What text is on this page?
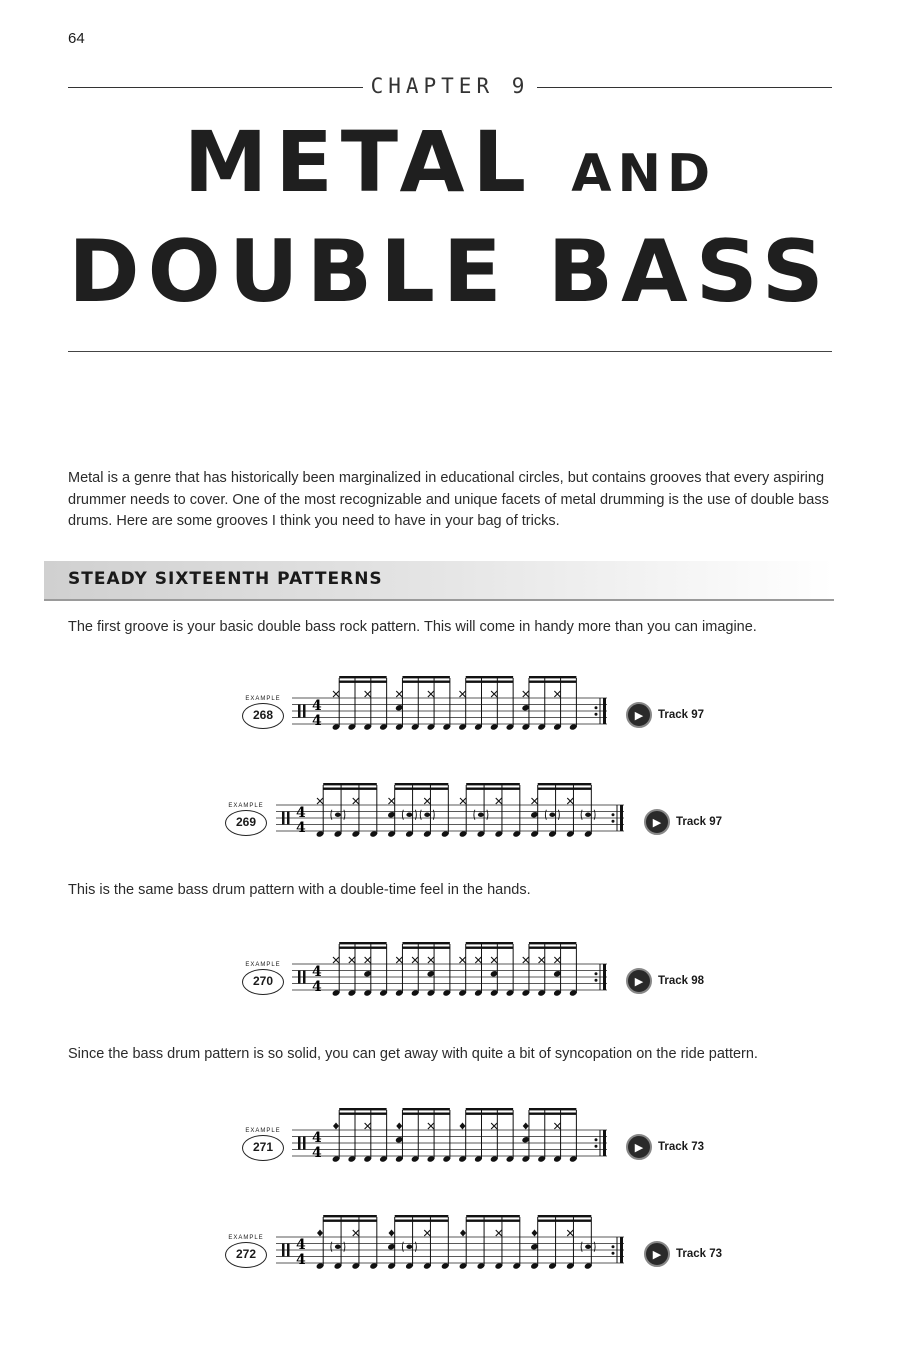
64
CHAPTER 9
METAL AND
DOUBLE BASS
Metal is a genre that has historically been marginalized in educational circles, but contains grooves that every aspiring drummer needs to cover. One of the most recognizable and unique facets of metal drumming is the use of double bass drums. Here are some grooves I think you need to have in your bag of tricks.
STEADY SIXTEENTH PATTERNS
The first groove is your basic double bass rock pattern. This will come in handy more than you can imagine.
This is the same bass drum pattern with a double-time feel in the hands.
Since the bass drum pattern is so solid, you can get away with quite a bit of syncopation on the ride pattern.
EXAMPLE
268
4
4	▶	Track 97
EXAMPLE
269
4
4	▶	Track 97
EXAMPLE
270
4
4	▶	Track 98
EXAMPLE
271
4
4	▶	Track 73
EXAMPLE
272
4
4	▶	Track 73
